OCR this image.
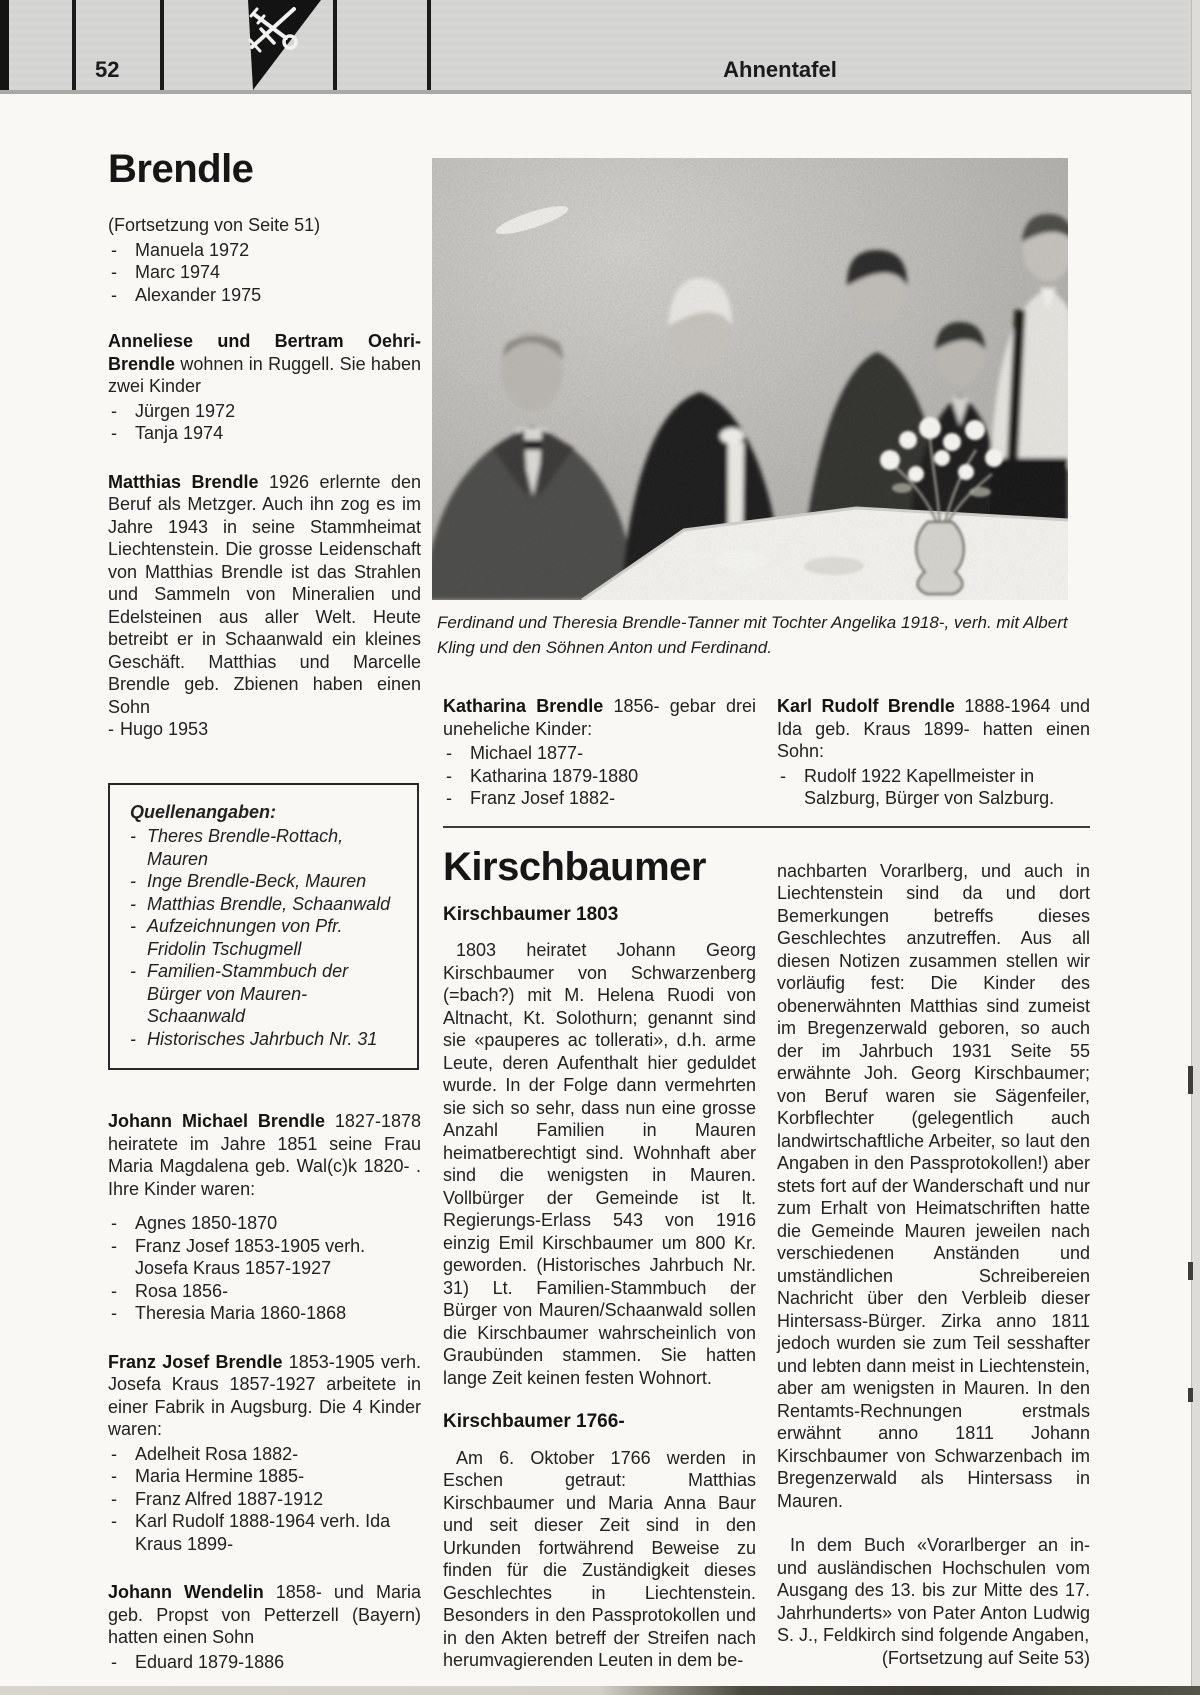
52	Ahnentafel
Ferdinand und Theresia Brendle-Tanner mit Tochter Angelika 1918-, verh. mit Albert Kling und den Söhnen Anton und Ferdinand.
Brendle

(Fortsetzung von Seite 51)

- Manuela 1972
- Marc 1974
- Alexander 1975

Anneliese und Bertram Oehri-Brendle wohnen in Ruggell. Sie haben zwei Kinder

- Jürgen 1972
- Tanja 1974

Matthias Brendle 1926 erlernte den Beruf als Metzger. Auch ihn zog es im Jahre 1943 in seine Stammheimat Liechtenstein. Die grosse Leidenschaft von Matthias Brendle ist das Strahlen und Sammeln von Mineralien und Edelsteinen aus aller Welt. Heute betreibt er in Schaanwald ein kleines Geschäft. Matthias und Marcelle Brendle geb. Zbienen haben einen Sohn

- Hugo 1953

Quellenangaben:

- Theres Brendle-Rottach, Mauren
- Inge Brendle-Beck, Mauren
- Matthias Brendle, Schaanwald
- Aufzeichnungen von Pfr. Fridolin Tschugmell
- Familien-Stammbuch der Bürger von Mauren-Schaanwald
- Historisches Jahrbuch Nr. 31

Johann Michael Brendle 1827-1878 heiratete im Jahre 1851 seine Frau Maria Magdalena geb. Wal(c)k 1820- . Ihre Kinder waren:

- Agnes 1850-1870
- Franz Josef 1853-1905 verh. Josefa Kraus 1857-1927
- Rosa 1856-
- Theresia Maria 1860-1868

Franz Josef Brendle 1853-1905 verh. Josefa Kraus 1857-1927 arbeitete in einer Fabrik in Augsburg. Die 4 Kinder waren:

- Adelheit Rosa 1882-
- Maria Hermine 1885-
- Franz Alfred 1887-1912
- Karl Rudolf 1888-1964 verh. Ida Kraus 1899-

Johann Wendelin 1858- und Maria geb. Propst von Petterzell (Bayern) hatten einen Sohn

- Eduard 1879-1886

Katharina Brendle 1856- gebar drei uneheliche Kinder:

- Michael 1877-
- Katharina 1879-1880
- Franz Josef 1882-
Kirschbaumer

Kirschbaumer 1803

1803 heiratet Johann Georg Kirschbaumer von Schwarzenberg (=bach?) mit M. Helena Ruodi von Altnacht, Kt. Solothurn; genannt sind sie «pauperes ac tollerati», d.h. arme Leute, deren Aufenthalt hier geduldet wurde. In der Folge dann vermehrten sie sich so sehr, dass nun eine grosse Anzahl Familien in Mauren heimatberechtigt sind. Wohnhaft aber sind die wenigsten in Mauren. Vollbürger der Gemeinde ist lt. Regierungs-Erlass 543 von 1916 einzig Emil Kirschbaumer um 800 Kr. geworden. (Historisches Jahrbuch Nr. 31) Lt. Familien-Stammbuch der Bürger von Mauren/Schaanwald sollen die Kirschbaumer wahrscheinlich von Graubünden stammen. Sie hatten lange Zeit keinen festen Wohnort.

Kirschbaumer 1766-

Am 6. Oktober 1766 werden in Eschen getraut: Matthias Kirschbaumer und Maria Anna Baur und seit dieser Zeit sind in den Urkunden fortwährend Beweise zu finden für die Zuständigkeit dieses Geschlechtes in Liechtenstein. Besonders in den Passprotokollen und in den Akten betreff der Streifen nach herumvagierenden Leuten in dem be-

Karl Rudolf Brendle 1888-1964 und Ida geb. Kraus 1899- hatten einen Sohn:

- Rudolf 1922 Kapellmeister in Salzburg, Bürger von Salzburg.

nachbarten Vorarlberg, und auch in Liechtenstein sind da und dort Bemerkungen betreffs dieses Geschlechtes anzutreffen. Aus all diesen Notizen zusammen stellen wir vorläufig fest: Die Kinder des obenerwähnten Matthias sind zumeist im Bregenzerwald geboren, so auch der im Jahrbuch 1931 Seite 55 erwähnte Joh. Georg Kirschbaumer; von Beruf waren sie Sägenfeiler, Korbflechter (gelegentlich auch landwirtschaftliche Arbeiter, so laut den Angaben in den Passprotokollen!) aber stets fort auf der Wanderschaft und nur zum Erhalt von Heimatschriften hatte die Gemeinde Mauren jeweilen nach verschiedenen Anständen und umständlichen Schreibereien Nachricht über den Verbleib dieser Hintersass-Bürger. Zirka anno 1811 jedoch wurden sie zum Teil sesshafter und lebten dann meist in Liechtenstein, aber am wenigsten in Mauren. In den Rentamts-Rechnungen erstmals erwähnt anno 1811 Johann Kirschbaumer von Schwarzenbach im Bregenzerwald als Hintersass in Mauren.

In dem Buch «Vorarlberger an in- und ausländischen Hochschulen vom Ausgang des 13. bis zur Mitte des 17. Jahrhunderts» von Pater Anton Ludwig S. J., Feldkirch sind folgende Angaben,

(Fortsetzung auf Seite 53)
